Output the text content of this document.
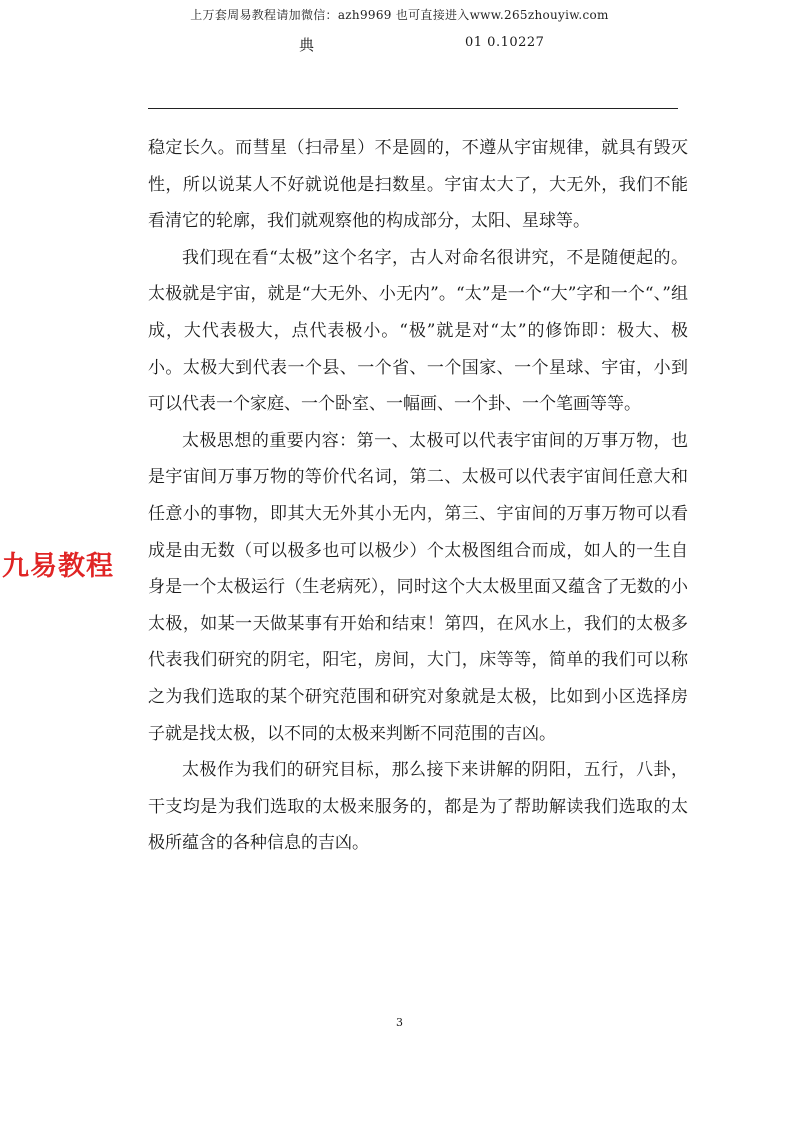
上万套周易教程请加微信：azh9969 也可直接进入www.265zhouyiw.com
典	01 0.10227

稳定长久。而彗星（扫帚星）不是圆的，不遵从宇宙规律，就具有毁灭性，所以说某人不好就说他是扫数星。宇宙太大了，大无外，我们不能看清它的轮廓，我们就观察他的构成部分，太阳、星球等。

我们现在看“太极”这个名字，古人对命名很讲究，不是随便起的。太极就是宇宙，就是“大无外、小无内”。“太”是一个“大”字和一个“、”组成，大代表极大，点代表极小。“极”就是对“太”的修饰即：极大、极小。太极大到代表一个县、一个省、一个国家、一个星球、宇宙，小到可以代表一个家庭、一个卧室、一幅画、一个卦、一个笔画等等。

太极思想的重要内容：第一、太极可以代表宇宙间的万事万物，也是宇宙间万事万物的等价代名词，第二、太极可以代表宇宙间任意大和任意小的事物，即其大无外其小无内，第三、宇宙间的万事万物可以看成是由无数（可以极多也可以极少）个太极图组合而成，如人的一生自身是一个太极运行（生老病死），同时这个大太极里面又蕴含了无数的小太极，如某一天做某事有开始和结束！第四，在风水上，我们的太极多代表我们研究的阴宅，阳宅，房间，大门，床等等，简单的我们可以称之为我们选取的某个研究范围和研究对象就是太极，比如到小区选择房子就是找太极，以不同的太极来判断不同范围的吉凶。

太极作为我们的研究目标，那么接下来讲解的阴阳，五行，八卦，干支均是为我们选取的太极来服务的，都是为了帮助解读我们选取的太极所蕴含的各种信息的吉凶。

九易教程
3
